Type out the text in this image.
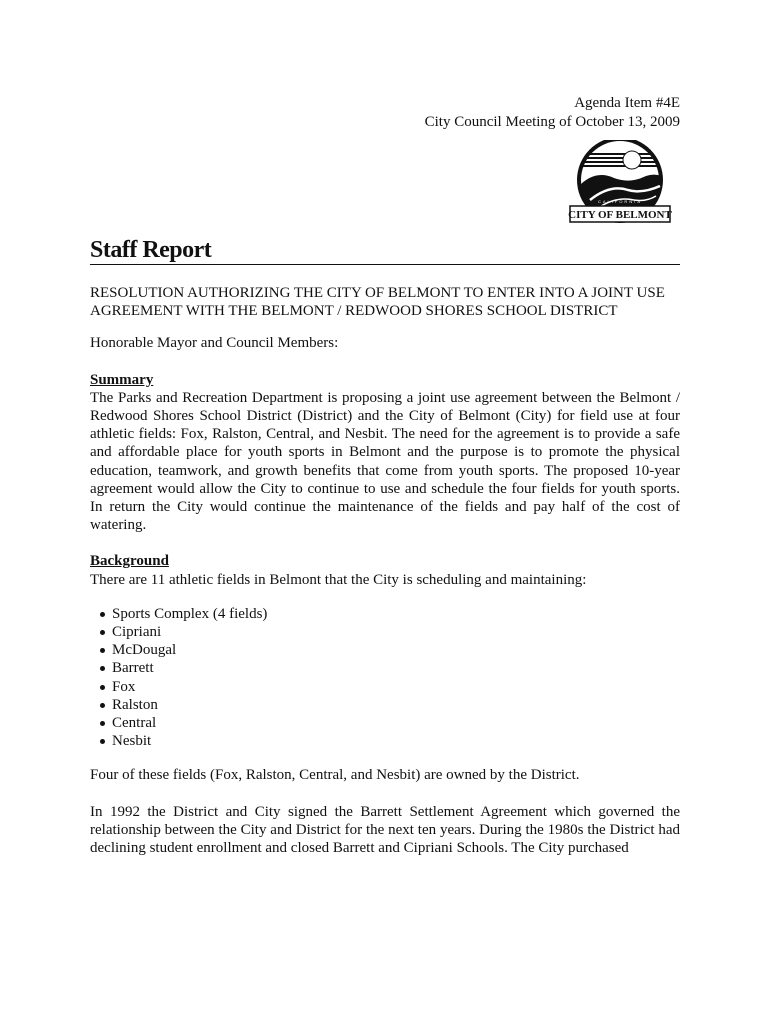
Agenda Item #4E
City Council Meeting of October 13, 2009
CALIFORNIA
CITY OF BELMONT
Staff Report

RESOLUTION AUTHORIZING THE CITY OF BELMONT TO ENTER INTO A JOINT USE AGREEMENT WITH THE BELMONT / REDWOOD SHORES SCHOOL DISTRICT

Honorable Mayor and Council Members:

Summary

The Parks and Recreation Department is proposing a joint use agreement between the Belmont / Redwood Shores School District (District) and the City of Belmont (City) for field use at four athletic fields: Fox, Ralston, Central, and Nesbit. The need for the agreement is to provide a safe and affordable place for youth sports in Belmont and the purpose is to promote the physical education, teamwork, and growth benefits that come from youth sports. The proposed 10-year agreement would allow the City to continue to use and schedule the four fields for youth sports. In return the City would continue the maintenance of the fields and pay half of the cost of watering.

Background

There are 11 athletic fields in Belmont that the City is scheduling and maintaining:

Sports Complex (4 fields)
Cipriani
McDougal
Barrett
Fox
Ralston
Central
Nesbit

Four of these fields (Fox, Ralston, Central, and Nesbit) are owned by the District.

In 1992 the District and City signed the Barrett Settlement Agreement which governed the relationship between the City and District for the next ten years. During the 1980s the District had declining student enrollment and closed Barrett and Cipriani Schools. The City purchased
